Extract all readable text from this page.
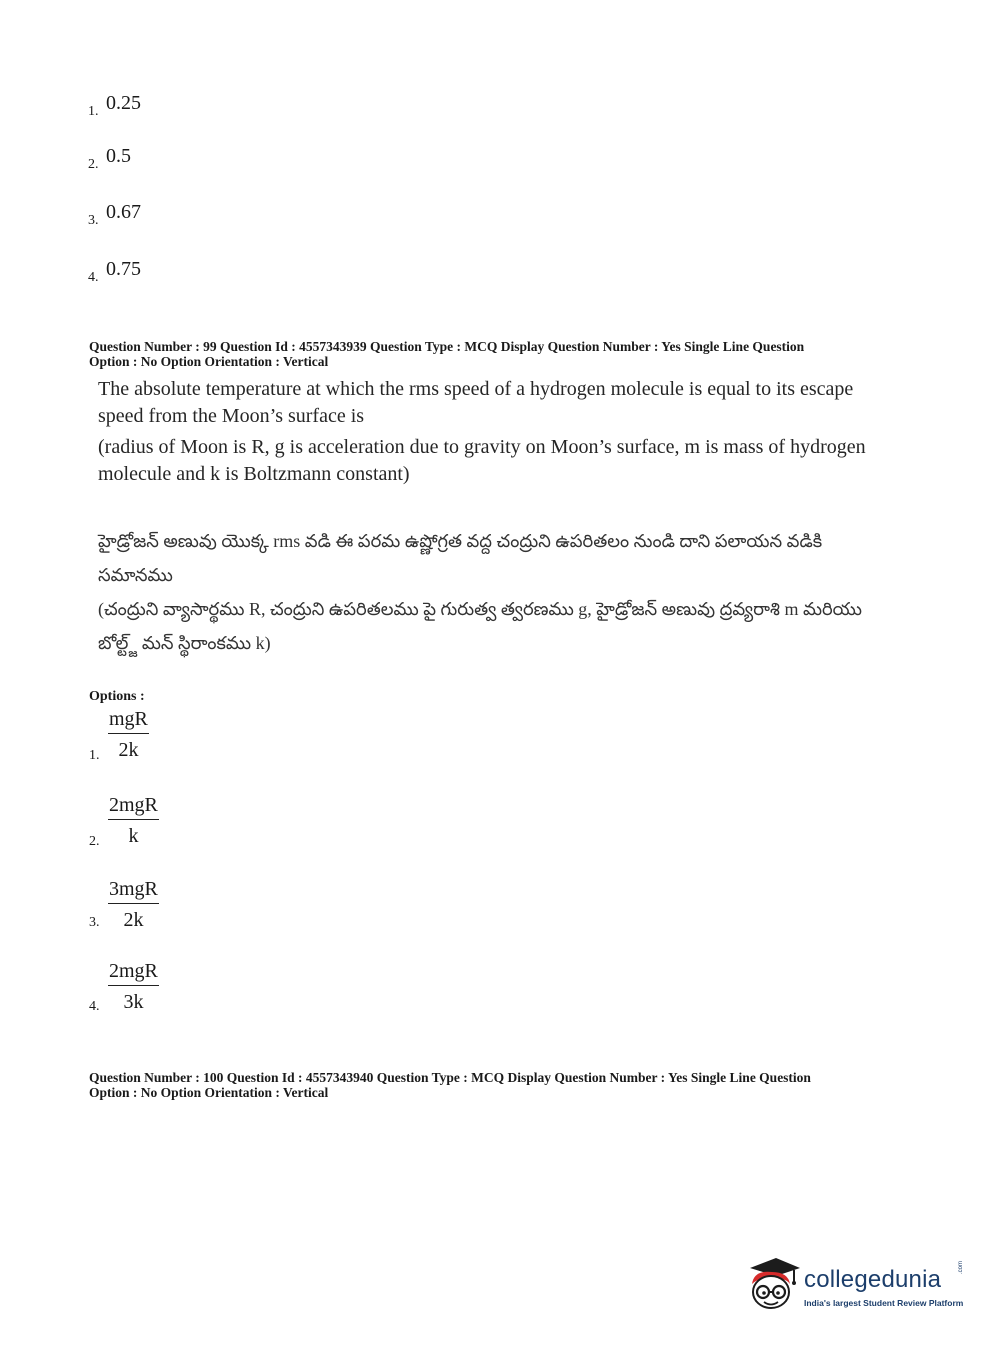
1. 0.25
2. 0.5
3. 0.67
4. 0.75
Question Number : 99 Question Id : 4557343939 Question Type : MCQ Display Question Number : Yes Single Line Question
Option : No Option Orientation : Vertical

The absolute temperature at which the rms speed of a hydrogen molecule is equal to its escape speed from the Moon’s surface is

(radius of Moon is R, g is acceleration due to gravity on Moon’s surface, m is mass of hydrogen molecule and k is Boltzmann constant)

హైడ్రోజన్ అణువు యొక్క rms వడి ఈ పరమ ఉష్ణోగ్రత వద్ద చంద్రుని ఉపరితలం నుండి దాని పలాయన వడికి సమానము

(చంద్రుని వ్యాసార్థము R, చంద్రుని ఉపరితలము పై గురుత్వ త్వరణము g, హైడ్రోజన్ అణువు ద్రవ్యరాశి m మరియు బోల్ట్జ్ మన్ స్థిరాంకము k)

Options :
1.
mgR
2k
2.
2mgR
k
3.
3mgR
2k
4.
2mgR
3k
Question Number : 100 Question Id : 4557343940 Question Type : MCQ Display Question Number : Yes Single Line Question
Option : No Option Orientation : Vertical
collegedunia	.com
India's largest Student Review Platform
